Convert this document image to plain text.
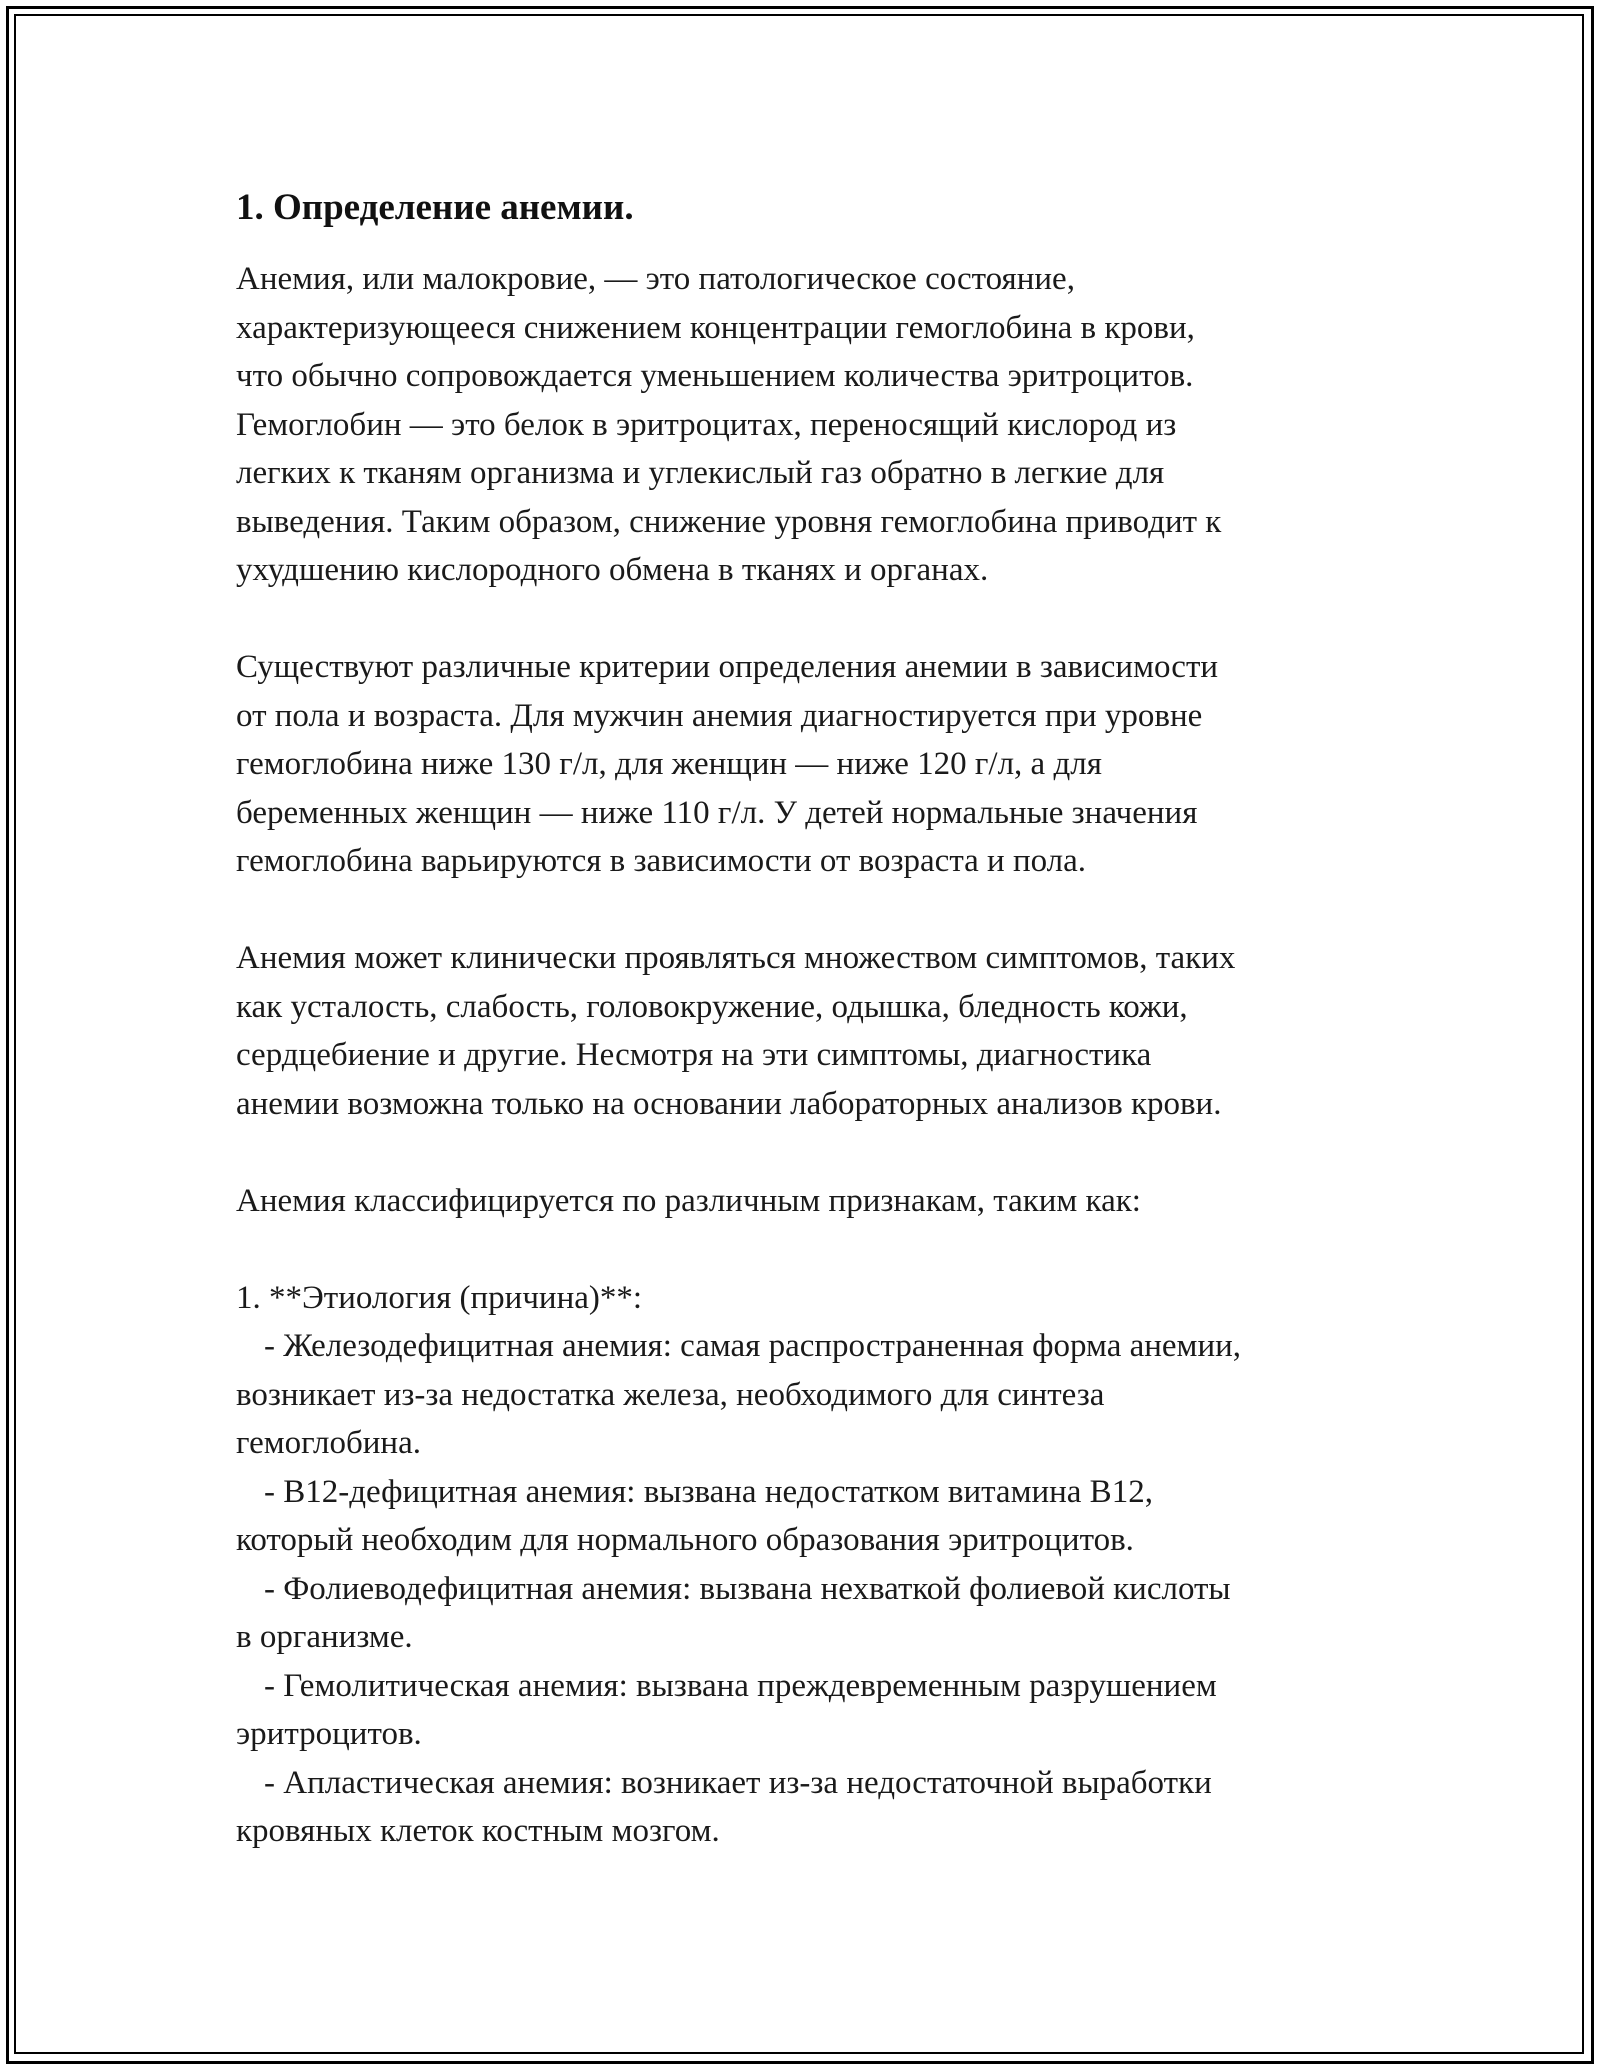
1. Определение анемии.

Анемия, или малокровие, — это патологическое состояние,
характеризующееся снижением концентрации гемоглобина в крови,
что обычно сопровождается уменьшением количества эритроцитов.
Гемоглобин — это белок в эритроцитах, переносящий кислород из
легких к тканям организма и углекислый газ обратно в легкие для
выведения. Таким образом, снижение уровня гемоглобина приводит к
ухудшению кислородного обмена в тканях и органах.

Существуют различные критерии определения анемии в зависимости
от пола и возраста. Для мужчин анемия диагностируется при уровне
гемоглобина ниже 130 г/л, для женщин — ниже 120 г/л, а для
беременных женщин — ниже 110 г/л. У детей нормальные значения
гемоглобина варьируются в зависимости от возраста и пола.

Анемия может клинически проявляться множеством симптомов, таких
как усталость, слабость, головокружение, одышка, бледность кожи,
сердцебиение и другие. Несмотря на эти симптомы, диагностика
анемии возможна только на основании лабораторных анализов крови.

Анемия классифицируется по различным признакам, таким как:

1. **Этиология (причина)**:

- Железодефицитная анемия: самая распространенная форма анемии,
возникает из-за недостатка железа, необходимого для синтеза
гемоглобина.
- B12-дефицитная анемия: вызвана недостатком витамина B12,
который необходим для нормального образования эритроцитов.
- Фолиеводефицитная анемия: вызвана нехваткой фолиевой кислоты
в организме.
- Гемолитическая анемия: вызвана преждевременным разрушением
эритроцитов.
- Апластическая анемия: возникает из-за недостаточной выработки
кровяных клеток костным мозгом.
